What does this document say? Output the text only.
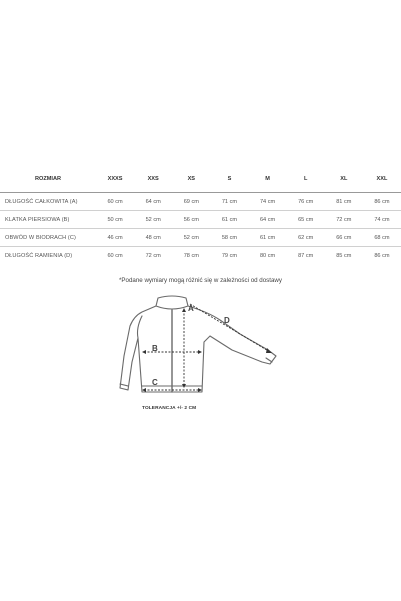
ROZMIAR	XXXS	XXS	XS	S	M	L	XL	XXL
DŁUGOŚĆ CAŁKOWITA (A)	60 cm	64 cm	69 cm	71 cm	74 cm	76 cm	81 cm	86 cm
KLATKA PIERSIOWA (B)	50 cm	52 cm	56 cm	61 cm	64 cm	65 cm	72 cm	74 cm
OBWÓD W BIODRACH (C)	46 cm	48 cm	52 cm	58 cm	61 cm	62 cm	66 cm	68 cm
DŁUGOŚĆ RAMIENIA (D)	60 cm	72 cm	78 cm	79 cm	80 cm	87 cm	85 cm	86 cm

*Podane wymiary mogą różnić się w zależności od dostawy

A
B
C
D

TOLERANCJA +/- 2 CM
